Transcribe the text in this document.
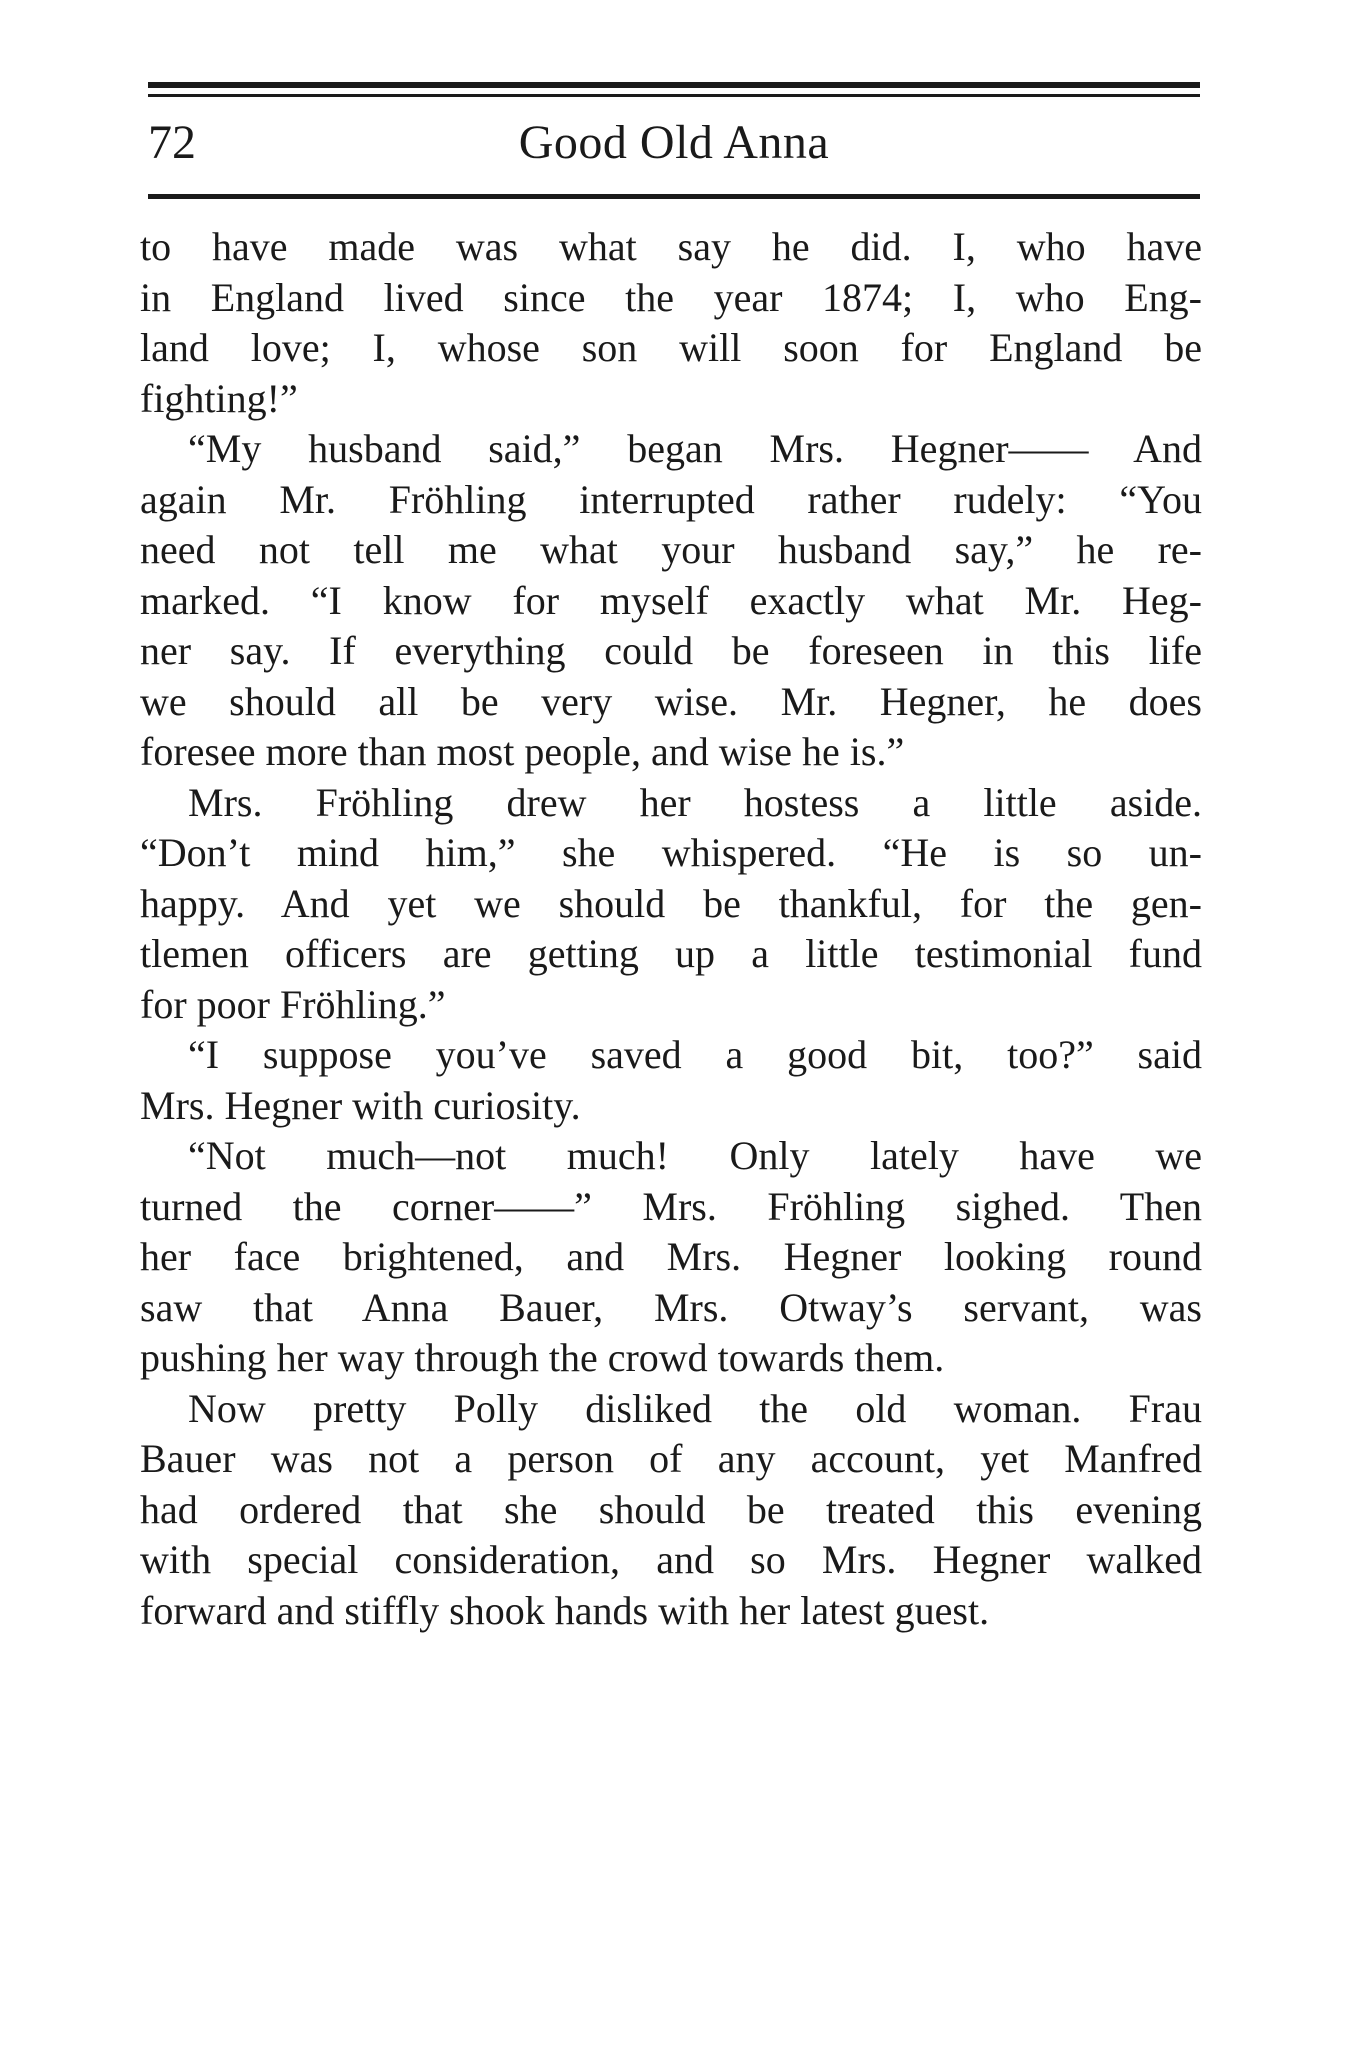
72	Good Old Anna
to have made was what say he did. I, who have
in England lived since the year 1874; I, who Eng-
land love; I, whose son will soon for England be
fighting!”
“My husband said,” began Mrs. Hegner—— And
again Mr. Fröhling interrupted rather rudely: “You
need not tell me what your husband say,” he re-
marked. “I know for myself exactly what Mr. Heg-
ner say. If everything could be foreseen in this life
we should all be very wise. Mr. Hegner, he does
foresee more than most people, and wise he is.”
Mrs. Fröhling drew her hostess a little aside.
“Don’t mind him,” she whispered. “He is so un-
happy. And yet we should be thankful, for the gen-
tlemen officers are getting up a little testimonial fund
for poor Fröhling.”
“I suppose you’ve saved a good bit, too?” said
Mrs. Hegner with curiosity.
“Not much—not much! Only lately have we
turned the corner——” Mrs. Fröhling sighed. Then
her face brightened, and Mrs. Hegner looking round
saw that Anna Bauer, Mrs. Otway’s servant, was
pushing her way through the crowd towards them.
Now pretty Polly disliked the old woman. Frau
Bauer was not a person of any account, yet Manfred
had ordered that she should be treated this evening
with special consideration, and so Mrs. Hegner walked
forward and stiffly shook hands with her latest guest.
